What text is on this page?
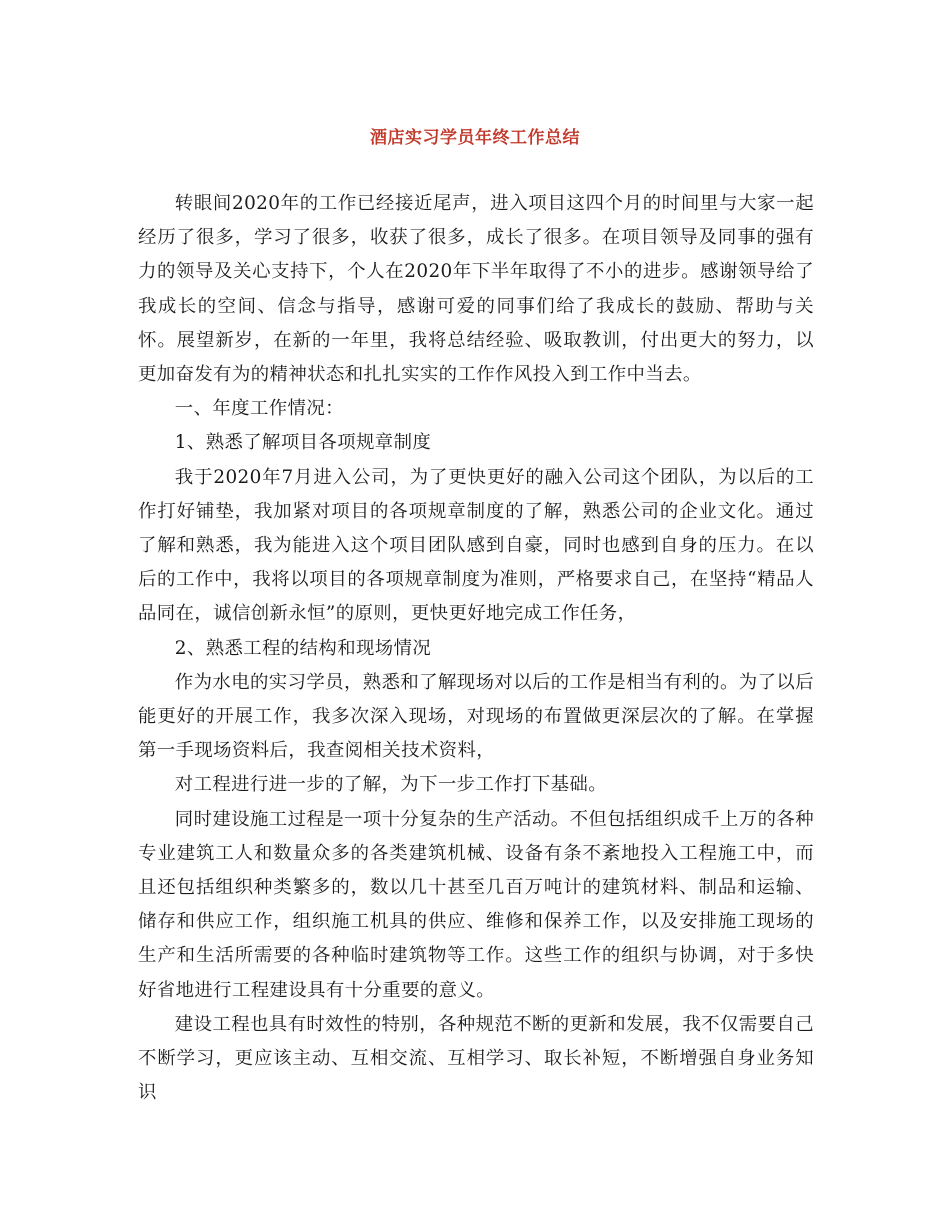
酒店实习学员年终工作总结

转眼间2020年的工作已经接近尾声，进入项目这四个月的时间里与大家一起经历了很多，学习了很多，收获了很多，成长了很多。在项目领导及同事的强有力的领导及关心支持下，个人在2020年下半年取得了不小的进步。感谢领导给了我成长的空间、信念与指导，感谢可爱的同事们给了我成长的鼓励、帮助与关怀。展望新岁，在新的一年里，我将总结经验、吸取教训，付出更大的努力，以更加奋发有为的精神状态和扎扎实实的工作作风投入到工作中当去。

一、年度工作情况：

1、熟悉了解项目各项规章制度

我于2020年7月进入公司，为了更快更好的融入公司这个团队，为以后的工作打好铺垫，我加紧对项目的各项规章制度的了解，熟悉公司的企业文化。通过了解和熟悉，我为能进入这个项目团队感到自豪，同时也感到自身的压力。在以后的工作中，我将以项目的各项规章制度为准则，严格要求自己，在坚持“精品人品同在，诚信创新永恒”的原则，更快更好地完成工作任务，

2、熟悉工程的结构和现场情况

作为水电的实习学员，熟悉和了解现场对以后的工作是相当有利的。为了以后能更好的开展工作，我多次深入现场，对现场的布置做更深层次的了解。在掌握第一手现场资料后，我查阅相关技术资料，

对工程进行进一步的了解，为下一步工作打下基础。

同时建设施工过程是一项十分复杂的生产活动。不但包括组织成千上万的各种专业建筑工人和数量众多的各类建筑机械、设备有条不紊地投入工程施工中，而且还包括组织种类繁多的，数以几十甚至几百万吨计的建筑材料、制品和运输、储存和供应工作，组织施工机具的供应、维修和保养工作，以及安排施工现场的生产和生活所需要的各种临时建筑物等工作。这些工作的组织与协调，对于多快好省地进行工程建设具有十分重要的意义。

建设工程也具有时效性的特别，各种规范不断的更新和发展，我不仅需要自己不断学习，更应该主动、互相交流、互相学习、取长补短，不断增强自身业务知识
